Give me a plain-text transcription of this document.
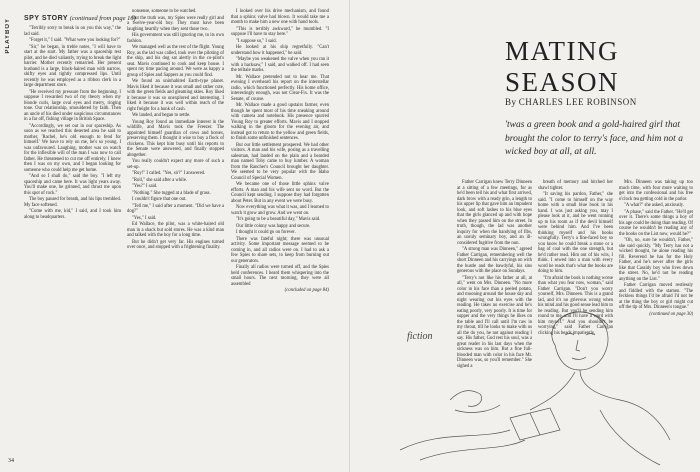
PLAYBOY SPY STORY (continued from page 16)

"Terribly sorry to break in on you this way," the lad said.

"Forget it," I said. "What were you looking for?"

"Sir," he began, in treble notes, "I will have to start at the start. My father was a spaceship test pilot, and he died valiantly, trying to break the light barrier. Mother recently remarried. Her present husband is a large, black-haired man with narrow, shifty eyes and tightly compressed lips. Until recently he was employed as a ribbon clerk in a large department store.

"He received my pressure from the beginning. I suppose I rewarded two of my theory when my blonde curls, large oval eyes and merry, ringing tone. Our relationship, smouldered by faith. Then an uncle of his died under suspicious circumstances in a far off, fishing village in British Space.

"Accordingly, we set out in our spaceship. As soon as we reached this deserted area he said to mother, 'Rachel, he's old enough to fend for himself.' We have to rely on me, he's so young. I was unfavoured. Laughing, mother was on watch for the inflexible will of the man I was now to call father. He threatened to cut me off entirely. I knew then I was on my own, and I began looking for someone who could help me get home.

"And so I shall do," said the boy. "I left my spaceship and came here. It was light years away. You'll make one, he grinned, and thrust me upon this spot of rock."

The boy paused for breath, and his lips trembled. My face softened.

"Come with me, kid," I said, and I took him along to headquarters.

nonsense, someone to be watched.

But the truth was, my Spies were really girl and a twelve-year-old boy. They must have been laughing heartily when they sent those two.

His government was still ignoring me, to its own fashion.

We managed well as the rest of the flight. Young Roy, as the lad was called, took over the piloting of the ship, and his dog sat alertly in the co-pilot's seat. Mavis continued to cook and keep house. I spent my time pacing around. We were as happy a group of Spies and Sappers as you could find.

We found an uninhabited Earth-type planet. Mavis liked it because it was small and rather cute, with the green fields and gleaming skies. Roy liked it because it was so unexplored and interesting. I liked it because it was well within reach of the right freight for a hunk of cash.

We landed, and began to settle.

Young Roy found an immediate interest in the wildlife, and Mavis took the Freezer. The appointed himself guardian of cows and horses, preserving them. I thought it wise to buy a flock of chickens. This kept him busy until his reports to the Senate were answered, and finally stopped altogether.

You really couldn't expect any more of such a set-up.

"Roy!" I called. "Yes, sir?" I answered.

"Roll," she said after a while.

"Yes?" I said.

"Nothing." She tugged at a blade of grass.

I couldn't figure that one out.

"Tell me," I said after a moment. "Did we have a dog?"

"Yes," I said.

Ed Wallace, the pilot, was a white-haired old man in a shack but sold stores. He was a kind man and talked with the boy for a long time.

But he didn't get very far. His engines turned over once, and stopped with a frightening finality.

I looked over his drive mechanism, and found that a sphinx valve had blown. It would take me a month to make him a new one with hand tools.

"This is terribly awkward," he mumbled. "I suppose I'll have to stay here."

"I suppose so," I said.

He looked at his ship regretfully. "Can't understand how it happened," he said.

"Maybe you weakened the valve when you ran it with a hacksaw," I said, and walked off. I had seen the telltale marks.

Mr. Wallace pretended not to hear me. That evening I overheard his report on the interstellar radio, which functioned perfectly. His home office, interestingly enough, was not Clear-Fix. It was the Senate, of course.

Mr. Wallace made a good upstairs farmer, even though he spent most of his time sneaking around with camera and notebook. His presence spurred Young Roy to greater efforts. Mavis and I stopped walking in the gloom for the evening air, and instead got to return to the yellow and green fields, to finish some unfinished sentences.

But our little settlement prospered. We had other visitors. A man and his wife, posing as a travelling salesman, had landed on the plain and a bearded man named Toby came to buy lumber. A woman from the Rancher's Council brought her daughter. We seemed to be very popular with the Idaho Council of Special Women.

We became one of those little sphinx valve efforts. A man and his wife sent no word. But the Council kept sending. I suppose they had forgotten about Peter. But in any event we were busy.

Now everything was what it was, and I learned to watch it grow and grow. And we went on.

"It's going to be a beautiful day," Mavis said.

Our little colony was happy and secure.

I thought it could go on forever.

There was fateful night; there was unusual activity. Some important message seemed to be coming in, and all radios were on. I had to ask a few Spies to share sets, to keep from burning out our generators.

Finally all radios were turned off, and the Spies held conferences. I heard them whispering into the small hours. The next morning, they were all assembled

(concluded on page 84)

34
MATING SEASON
By CHARLES LEE ROBINSON
'twas a green book and a gold-haired girl that brought the color to terry's face, and him not a wicked boy at all, at all.

Father Carrigan knew Terry Dinneen at a sitting of a few meetings, for as he'd been tell his and what first arrived, dark brow with a ready grin, a length to his upper lip that gave him an impudent look, and soft lashes to his blue eyes that the girls glanced up and with hope when they passed him on the street. In truth, though, the lad was another inquiry for when the bandying of fibs, an unruly seminary boy, and an ill-considered fugitive from the nun.

"A strong man was Dinneen," agreed Father Carrigan, remembering well the short Dinneen and his carryings on with the hustle and the bawdyful, his sins generous with the place on Sundays.

"Terry's not like his father at all, at all," went on Mrs. Dinneen. "No more color in his face than a peeled potato, and mooning around the house day and night wearing out his eyes with the reading. He takes no exercise and he's eating poorly, very poorly. It is time for supper and the very things he likes on the table and I'll call until I'm raw in my throat, till he looks to make with us all the do you, he not against reading I say. His father, God rest his soul, was a great reader in his last days when the sickness was on him. But a fine full-blooded man with color in his face Mr. Dinneen was, so you'll remember." She sighed a

breath of memory and hitched her shawl tighter.

"It saving his pardon, Father," she said. "I come to himself on the way home with a small blue book in his hand. I was just asking you, may I please look at it, and he went running up to his room as if the devil himself were behind him. And I've been thinking myself and his books wrongfully. Terry's a fine-faced boy so you know he could break a stone or a bag of coal with the one strength, but he'd rather read. Him out of his wits, I think. I sewed into a man with every word he reads that's what the books are doing to him.

"I'm afraid the book is nothing worse than what you fear now, woman," said Father Carrigan. "Don't you worry yourself, Mrs. Dinneen. This is a grand lad, and it's no grievous wrong when his mind and his good sense lead him to be reading. But you'll be sending him round to me, and I'll have a word with him myself." And you shouldn't be worrying," said Father Carrigan clicking his beads impatiently.

Mrs. Dinneen was taking up too much time, with four more waiting to get into the confessional and his free o'clock tea getting cold in the parlor.

"A what?" she asked, anxiously.

"A phase," said the Father. "He'll get over it. There's some things a boy of his age could be doing than reading. Of course he wouldn't be reading any of the books on the List now, would he?"

"Oh, no, sure he wouldn't, Father," she said quickly. "My Terry has not a wicked thought, he alone reading his fill. Reverend he has for the Holy Father, and he's never after the girls like that Cassidy boy who lives down the street. No, he'd not be reading anything on the List."

Father Carrigan moved restlessly and fiddled with the stamen. "The feckless things I'd be afraid I'd not be at the thing the boy or girl might cut off the tip of Mrs. Dinneen's tongue."

(continued on page 30)

fiction
